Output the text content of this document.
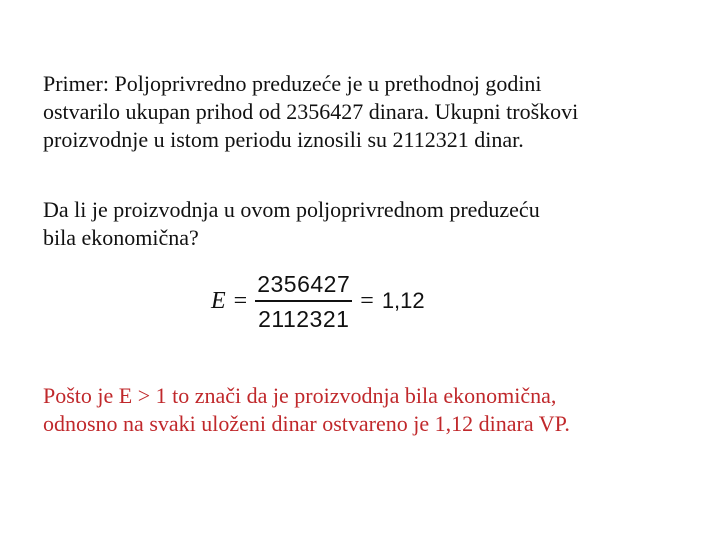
Primer: Poljoprivredno preduzeće je u prethodnoj godini
ostvarilo ukupan prihod od 2356427 dinara. Ukupni troškovi
proizvodnje u istom periodu iznosili su 2112321 dinar.
Da li je proizvodnja u ovom poljoprivrednom preduzeću
bila ekonomična?
$E = \frac{2356427}{2112321} = 1,12$
Pošto je E > 1 to znači da je proizvodnja bila ekonomična,
odnosno na svaki uloženi dinar ostvareno je 1,12 dinara VP.
